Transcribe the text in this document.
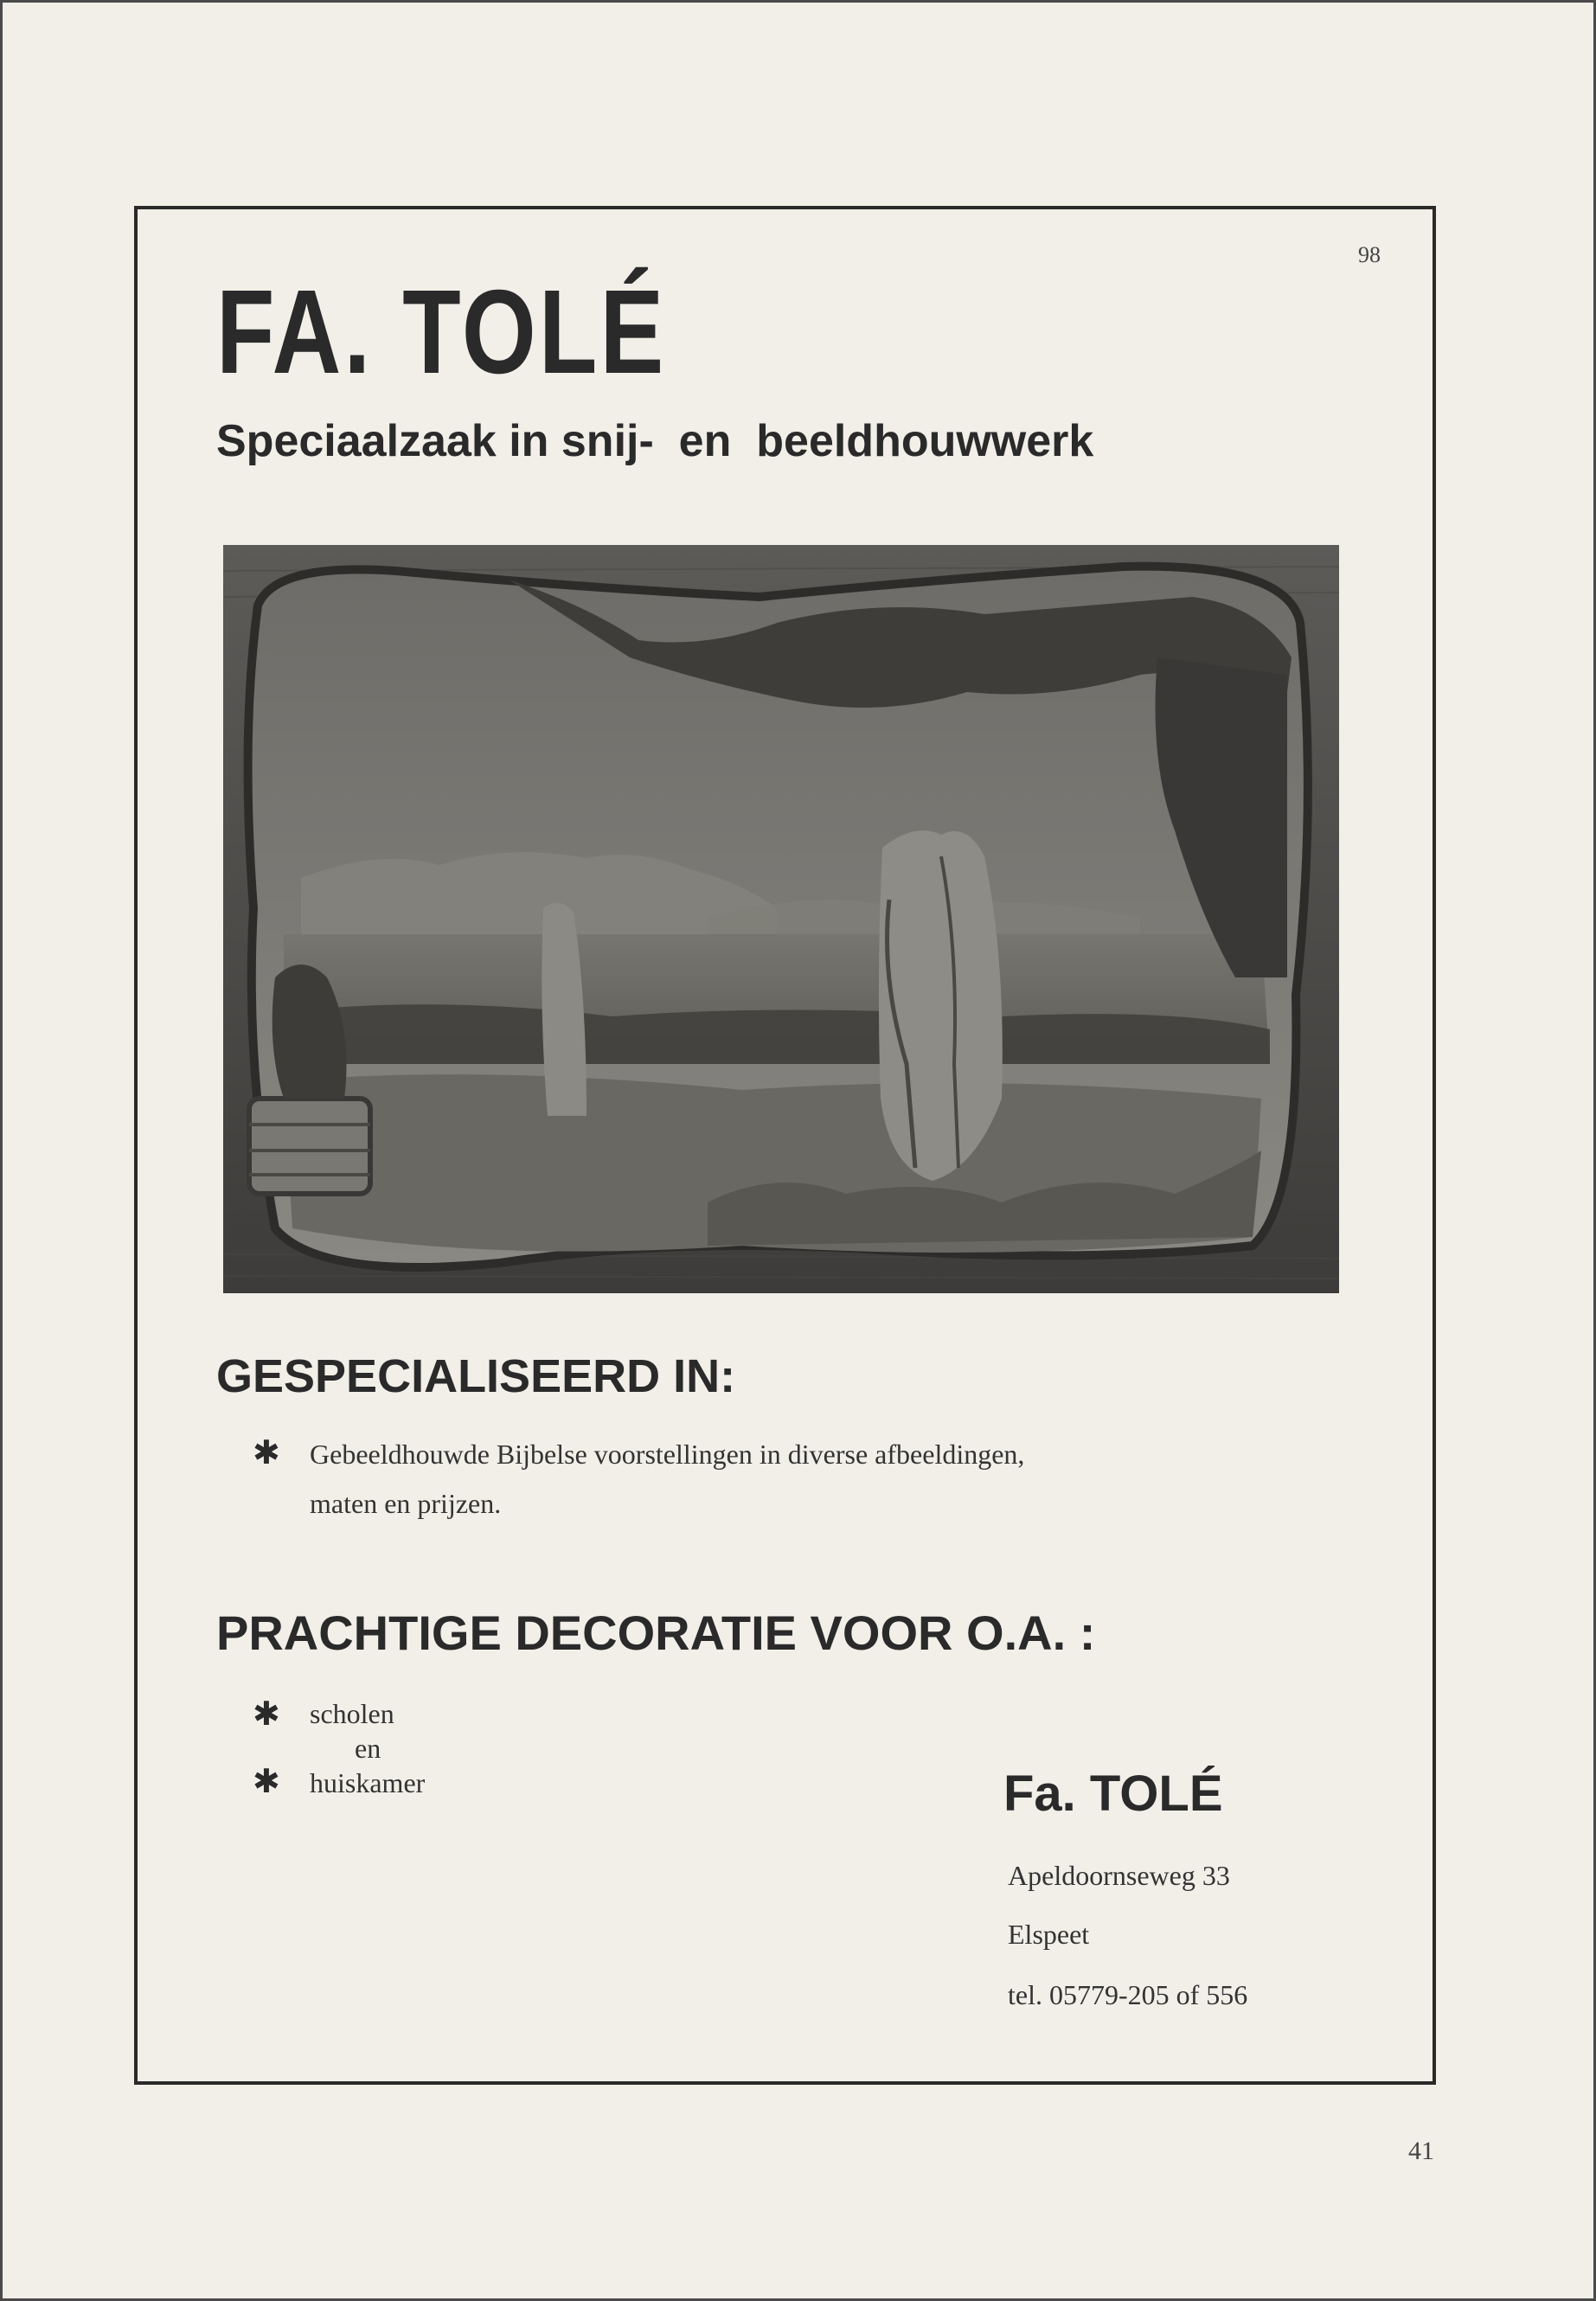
98
FA. TOLÉ
Speciaalzaak in snij-  en  beeldhouwwerk
GESPECIALISEERD IN:
✱ Gebeeldhouwde Bijbelse voorstellingen in diverse afbeeldingen,
maten en prijzen.
PRACHTIGE DECORATIE VOOR O.A. :
✱ scholen
en
✱ huiskamer	Fa. TOLÉ
Apeldoornseweg 33
Elspeet
tel. 05779-205 of 556
41
